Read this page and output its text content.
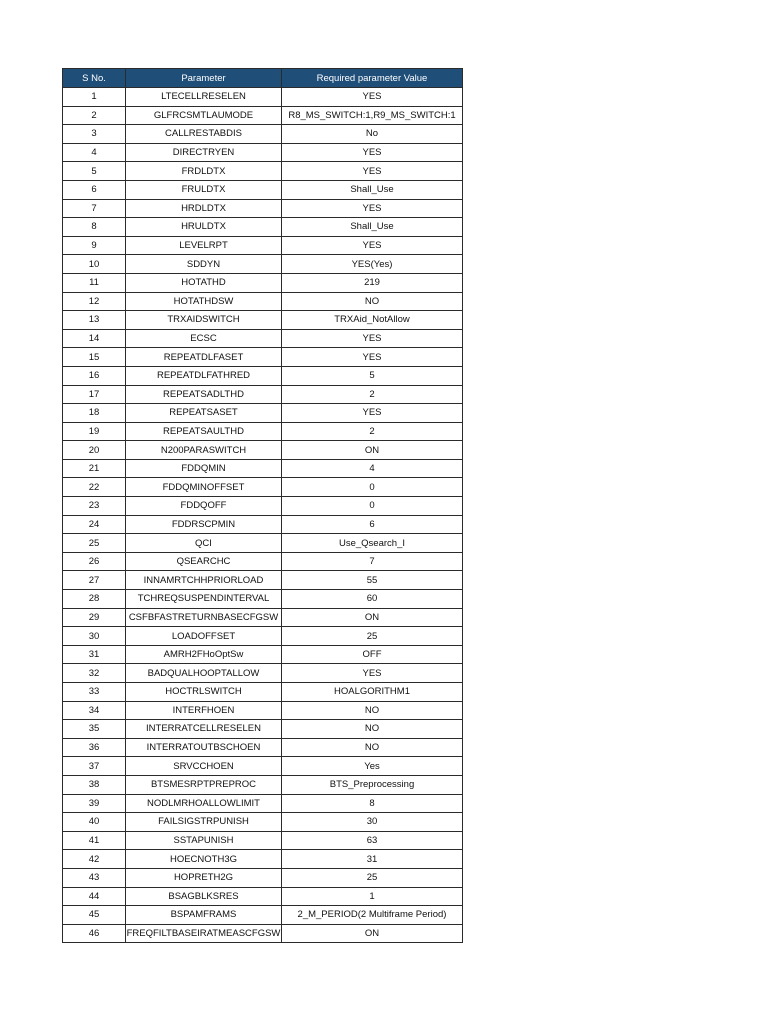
S No.	Parameter	Required parameter Value
1	LTECELLRESELEN	YES
2	GLFRCSMTLAUMODE	R8_MS_SWITCH:1,R9_MS_SWITCH:1
3	CALLRESTABDIS	No
4	DIRECTRYEN	YES
5	FRDLDTX	YES
6	FRULDTX	Shall_Use
7	HRDLDTX	YES
8	HRULDTX	Shall_Use
9	LEVELRPT	YES
10	SDDYN	YES(Yes)
11	HOTATHD	219
12	HOTATHDSW	NO
13	TRXAIDSWITCH	TRXAid_NotAllow
14	ECSC	YES
15	REPEATDLFASET	YES
16	REPEATDLFATHRED	5
17	REPEATSADLTHD	2
18	REPEATSASET	YES
19	REPEATSAULTHD	2
20	N200PARASWITCH	ON
21	FDDQMIN	4
22	FDDQMINOFFSET	0
23	FDDQOFF	0
24	FDDRSCPMIN	6
25	QCI	Use_Qsearch_I
26	QSEARCHC	7
27	INNAMRTCHHPRIORLOAD	55
28	TCHREQSUSPENDINTERVAL	60
29	CSFBFASTRETURNBASECFGSW	ON
30	LOADOFFSET	25
31	AMRH2FHoOptSw	OFF
32	BADQUALHOOPTALLOW	YES
33	HOCTRLSWITCH	HOALGORITHM1
34	INTERFHOEN	NO
35	INTERRATCELLRESELEN	NO
36	INTERRATOUTBSCHOEN	NO
37	SRVCCHOEN	Yes
38	BTSMESRPTPREPROC	BTS_Preprocessing
39	NODLMRHOALLOWLIMIT	8
40	FAILSIGSTRPUNISH	30
41	SSTAPUNISH	63
42	HOECNOTH3G	31
43	HOPRETH2G	25
44	BSAGBLKSRES	1
45	BSPAMFRAMS	2_M_PERIOD(2 Multiframe Period)
46	FREQFILTBASEIRATMEASCFGSW	ON
